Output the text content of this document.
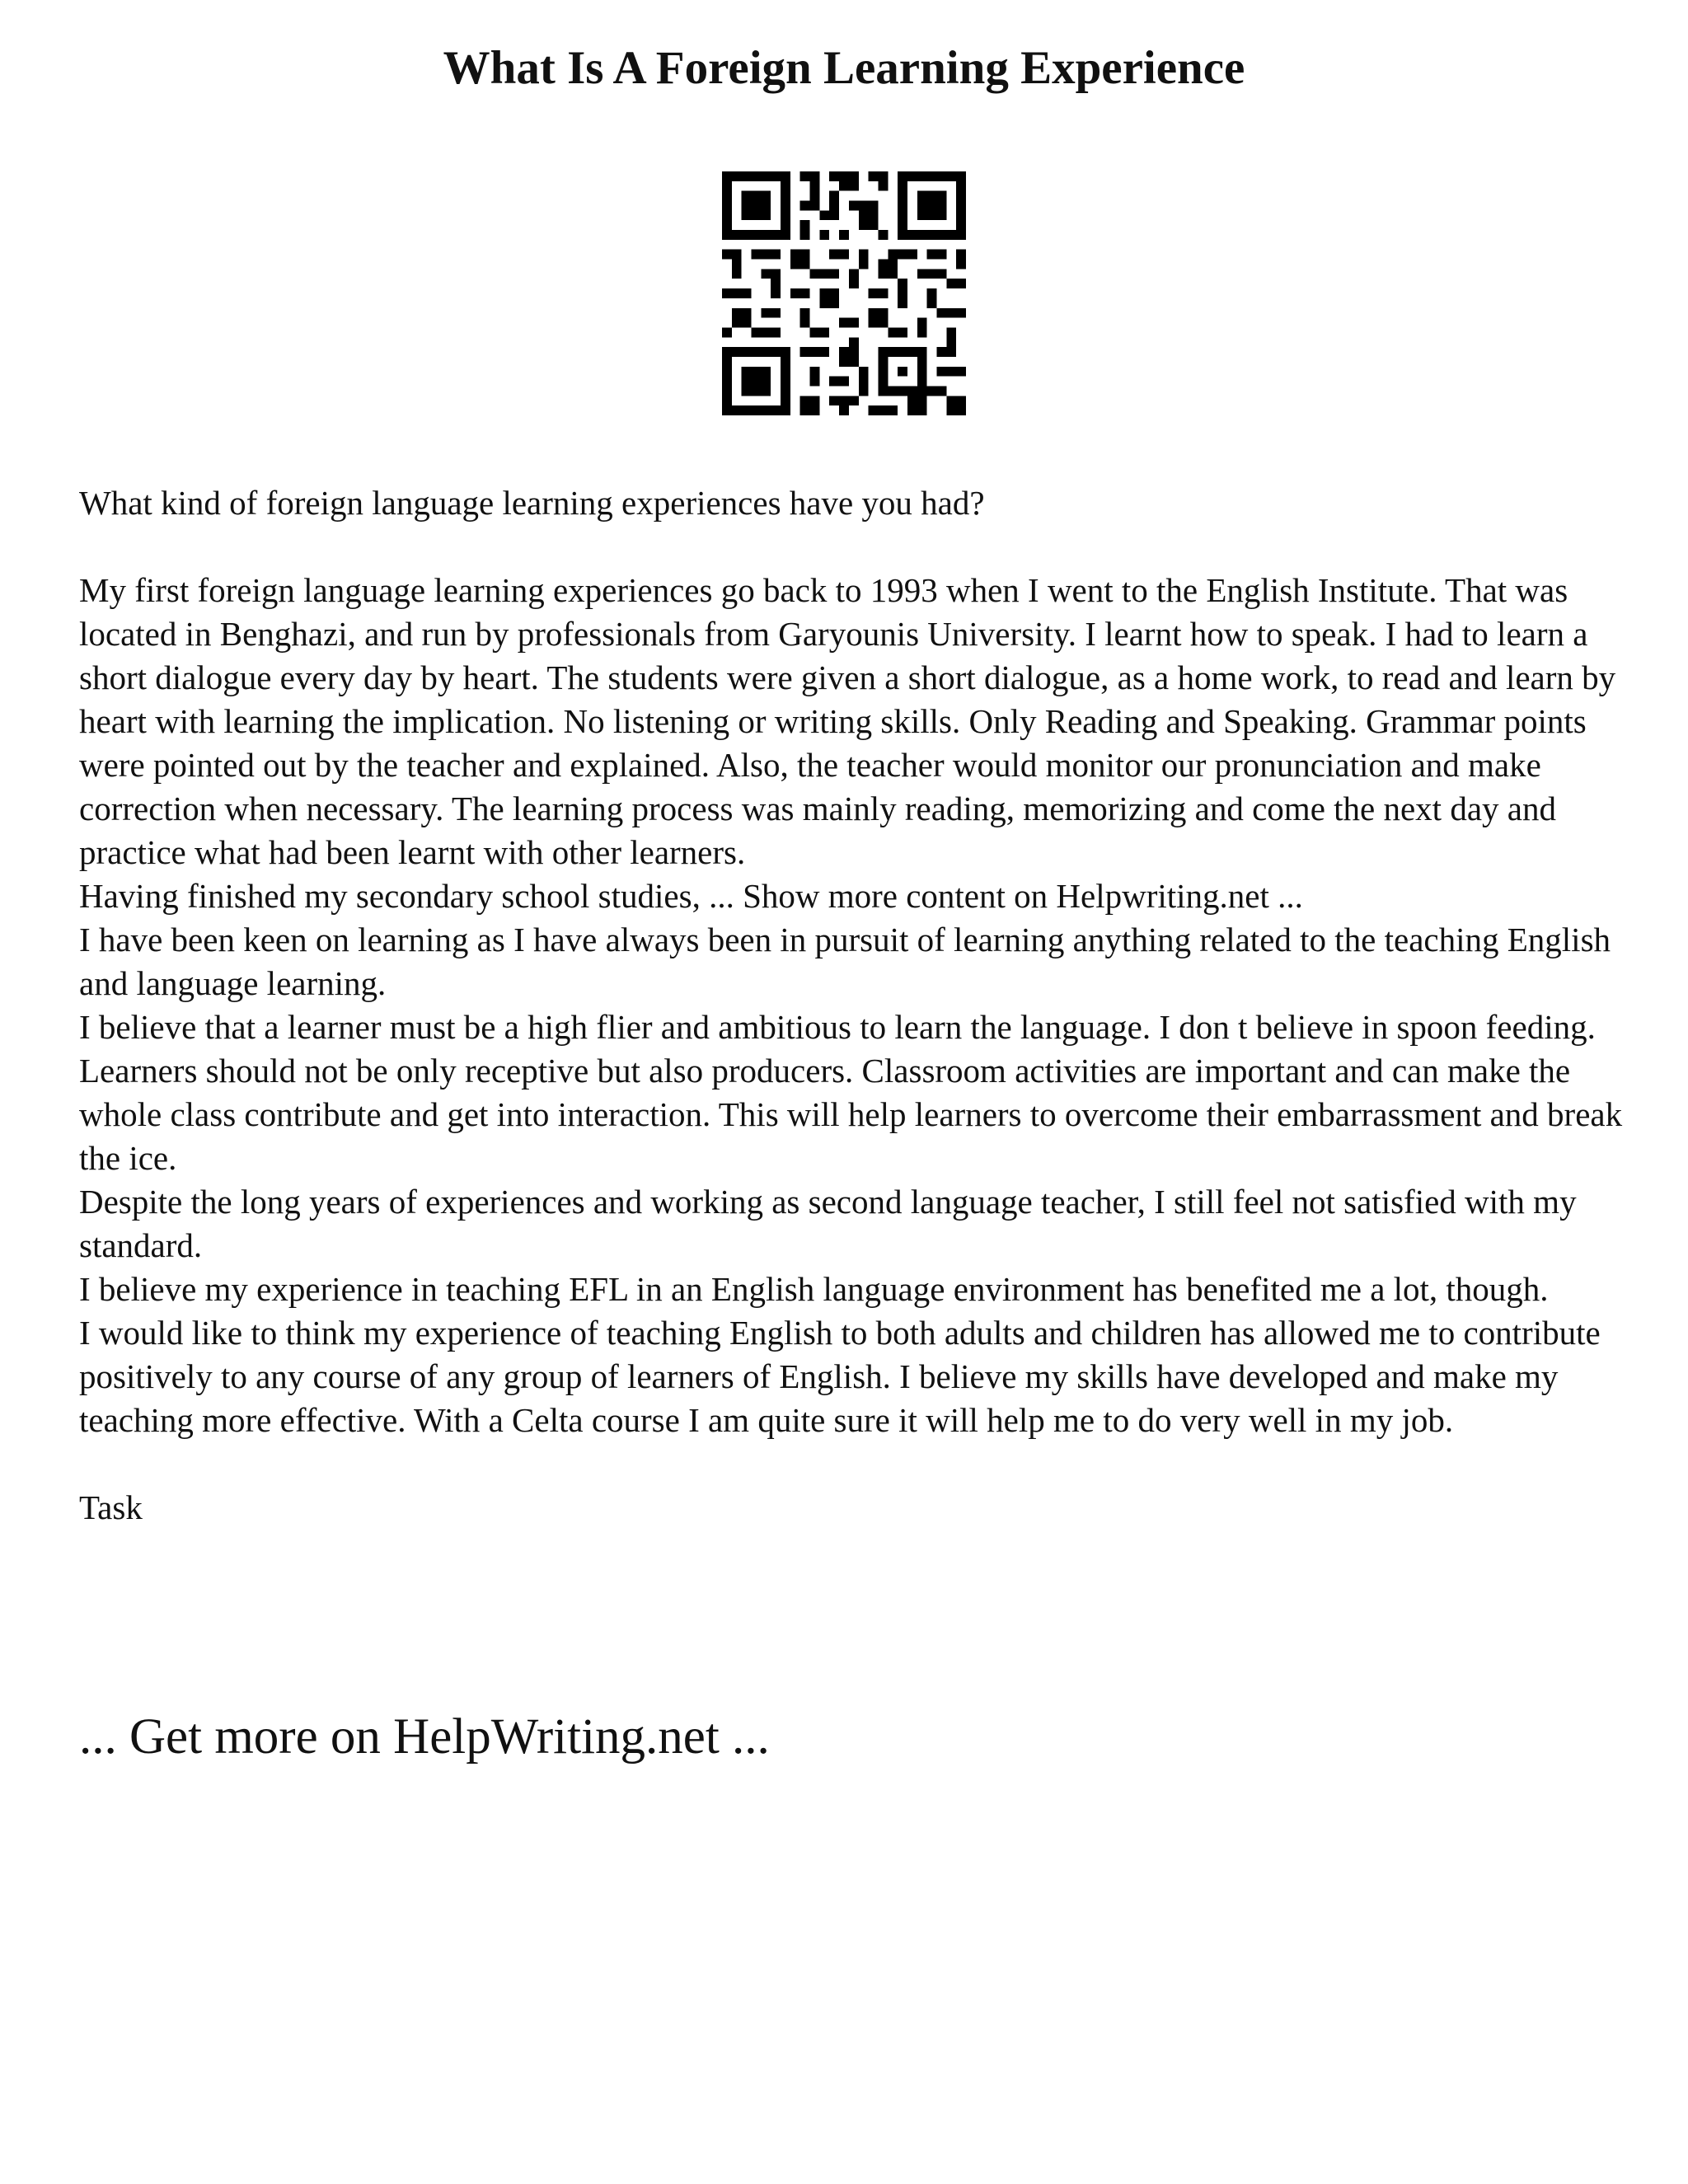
What Is A Foreign Learning Experience

What kind of foreign language learning experiences have you had?

My first foreign language learning experiences go back to 1993 when I went to the English Institute. That was located in Benghazi, and run by professionals from Garyounis University. I learnt how to speak. I had to learn a short dialogue every day by heart. The students were given a short dialogue, as a home work, to read and learn by heart with learning the implication. No listening or writing skills. Only Reading and Speaking. Grammar points were pointed out by the teacher and explained. Also, the teacher would monitor our pronunciation and make correction when necessary. The learning process was mainly reading, memorizing and come the next day and practice what had been learnt with other learners.

Having finished my secondary school studies, ... Show more content on Helpwriting.net ...

I have been keen on learning as I have always been in pursuit of learning anything related to the teaching English and language learning.

I believe that a learner must be a high flier and ambitious to learn the language. I don t believe in spoon feeding. Learners should not be only receptive but also producers. Classroom activities are important and can make the whole class contribute and get into interaction. This will help learners to overcome their embarrassment and break the ice.

Despite the long years of experiences and working as second language teacher, I still feel not satisfied with my standard.

I believe my experience in teaching EFL in an English language environment has benefited me a lot, though.

I would like to think my experience of teaching English to both adults and children has allowed me to contribute positively to any course of any group of learners of English. I believe my skills have developed and make my teaching more effective. With a Celta course I am quite sure it will help me to do very well in my job.

Task

... Get more on HelpWriting.net ...
